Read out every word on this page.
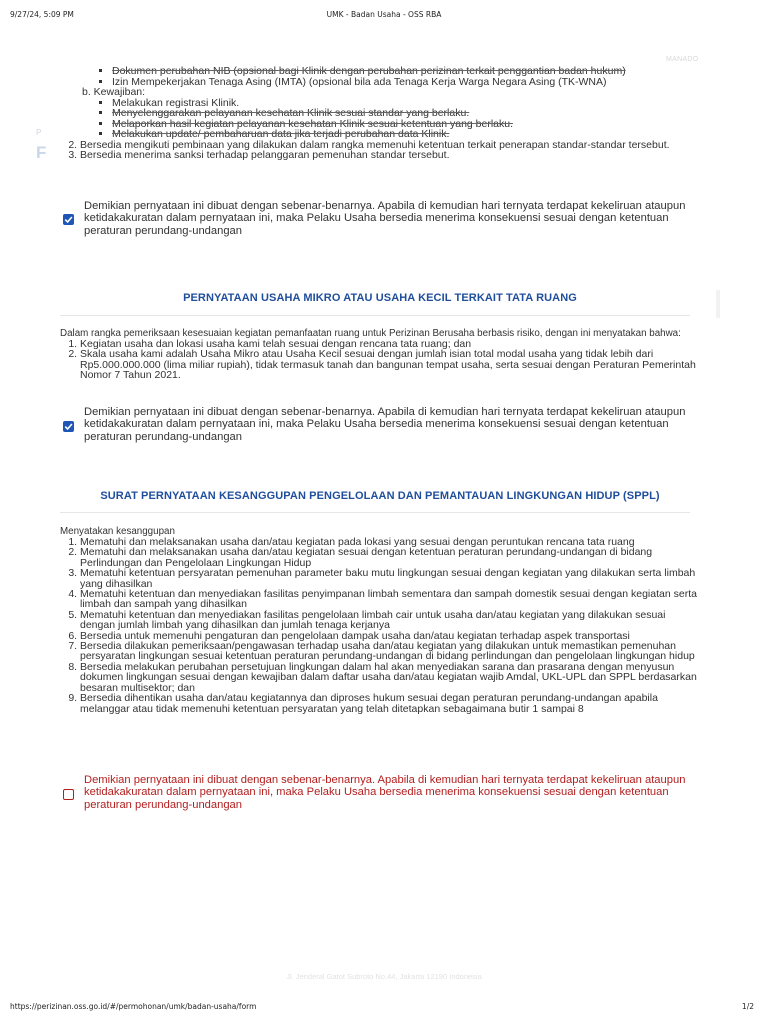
9/27/24, 5:09 PM	UMK - Badan Usaha - OSS RBA
MANADO
P
F
▪ Dokumen perubahan NIB (opsional bagi Klinik dengan perubahan perizinan terkait penggantian badan hukum)
▪ Izin Mempekerjakan Tenaga Asing (IMTA) (opsional bila ada Tenaga Kerja Warga Negara Asing (TK-WNA)
b. Kewajiban:
▪ Melakukan registrasi Klinik.
▪ Menyelenggarakan pelayanan kesehatan Klinik sesuai standar yang berlaku.
▪ Melaporkan hasil kegiatan pelayanan kesehatan Klinik sesuai ketentuan yang berlaku.
▪ Melakukan update/ pembaharuan data jika terjadi perubahan data Klinik.
2. Bersedia mengikuti pembinaan yang dilakukan dalam rangka memenuhi ketentuan terkait penerapan standar-standar tersebut.
3. Bersedia menerima sanksi terhadap pelanggaran pemenuhan standar tersebut.
Demikian pernyataan ini dibuat dengan sebenar-benarnya. Apabila di kemudian hari ternyata terdapat kekeliruan ataupun ketidakakuratan dalam pernyataan ini, maka Pelaku Usaha bersedia menerima konsekuensi sesuai dengan ketentuan peraturan perundang-undangan
PERNYATAAN USAHA MIKRO ATAU USAHA KECIL TERKAIT TATA RUANG
Dalam rangka pemeriksaan kesesuaian kegiatan pemanfaatan ruang untuk Perizinan Berusaha berbasis risiko, dengan ini menyatakan bahwa:
1. Kegiatan usaha dan lokasi usaha kami telah sesuai dengan rencana tata ruang; dan
2. Skala usaha kami adalah Usaha Mikro atau Usaha Kecil sesuai dengan jumlah isian total modal usaha yang tidak lebih dari Rp5.000.000.000 (lima miliar rupiah), tidak termasuk tanah dan bangunan tempat usaha, serta sesuai dengan Peraturan Pemerintah Nomor 7 Tahun 2021.
Demikian pernyataan ini dibuat dengan sebenar-benarnya. Apabila di kemudian hari ternyata terdapat kekeliruan ataupun ketidakakuratan dalam pernyataan ini, maka Pelaku Usaha bersedia menerima konsekuensi sesuai dengan ketentuan peraturan perundang-undangan
SURAT PERNYATAAN KESANGGUPAN PENGELOLAAN DAN PEMANTAUAN LINGKUNGAN HIDUP (SPPL)
Menyatakan kesanggupan
1. Mematuhi dan melaksanakan usaha dan/atau kegiatan pada lokasi yang sesuai dengan peruntukan rencana tata ruang
2. Mematuhi dan melaksanakan usaha dan/atau kegiatan sesuai dengan ketentuan peraturan perundang-undangan di bidang Perlindungan dan Pengelolaan Lingkungan Hidup
3. Mematuhi ketentuan persyaratan pemenuhan parameter baku mutu lingkungan sesuai dengan kegiatan yang dilakukan serta limbah yang dihasilkan
4. Mematuhi ketentuan dan menyediakan fasilitas penyimpanan limbah sementara dan sampah domestik sesuai dengan kegiatan serta limbah dan sampah yang dihasilkan
5. Mematuhi ketentuan dan menyediakan fasilitas pengelolaan limbah cair untuk usaha dan/atau kegiatan yang dilakukan sesuai dengan jumlah limbah yang dihasilkan dan jumlah tenaga kerjanya
6. Bersedia untuk memenuhi pengaturan dan pengelolaan dampak usaha dan/atau kegiatan terhadap aspek transportasi
7. Bersedia dilakukan pemeriksaan/pengawasan terhadap usaha dan/atau kegiatan yang dilakukan untuk memastikan pemenuhan persyaratan lingkungan sesuai ketentuan peraturan perundang-undangan di bidang perlindungan dan pengelolaan lingkungan hidup
8. Bersedia melakukan perubahan persetujuan lingkungan dalam hal akan menyediakan sarana dan prasarana dengan menyusun dokumen lingkungan sesuai dengan kewajiban dalam daftar usaha dan/atau kegiatan wajib Amdal, UKL-UPL dan SPPL berdasarkan besaran multisektor; dan
9. Bersedia dihentikan usaha dan/atau kegiatannya dan diproses hukum sesuai degan peraturan perundang-undangan apabila melanggar atau tidak memenuhi ketentuan persyaratan yang telah ditetapkan sebagaimana butir 1 sampai 8
Demikian pernyataan ini dibuat dengan sebenar-benarnya. Apabila di kemudian hari ternyata terdapat kekeliruan ataupun ketidakakuratan dalam pernyataan ini, maka Pelaku Usaha bersedia menerima konsekuensi sesuai dengan ketentuan peraturan perundang-undangan
Jl. Jenderal Gatot Subroto No.44, Jakarta 12190 Indonesia
https://perizinan.oss.go.id/#/permohonan/umk/badan-usaha/form	1/2
